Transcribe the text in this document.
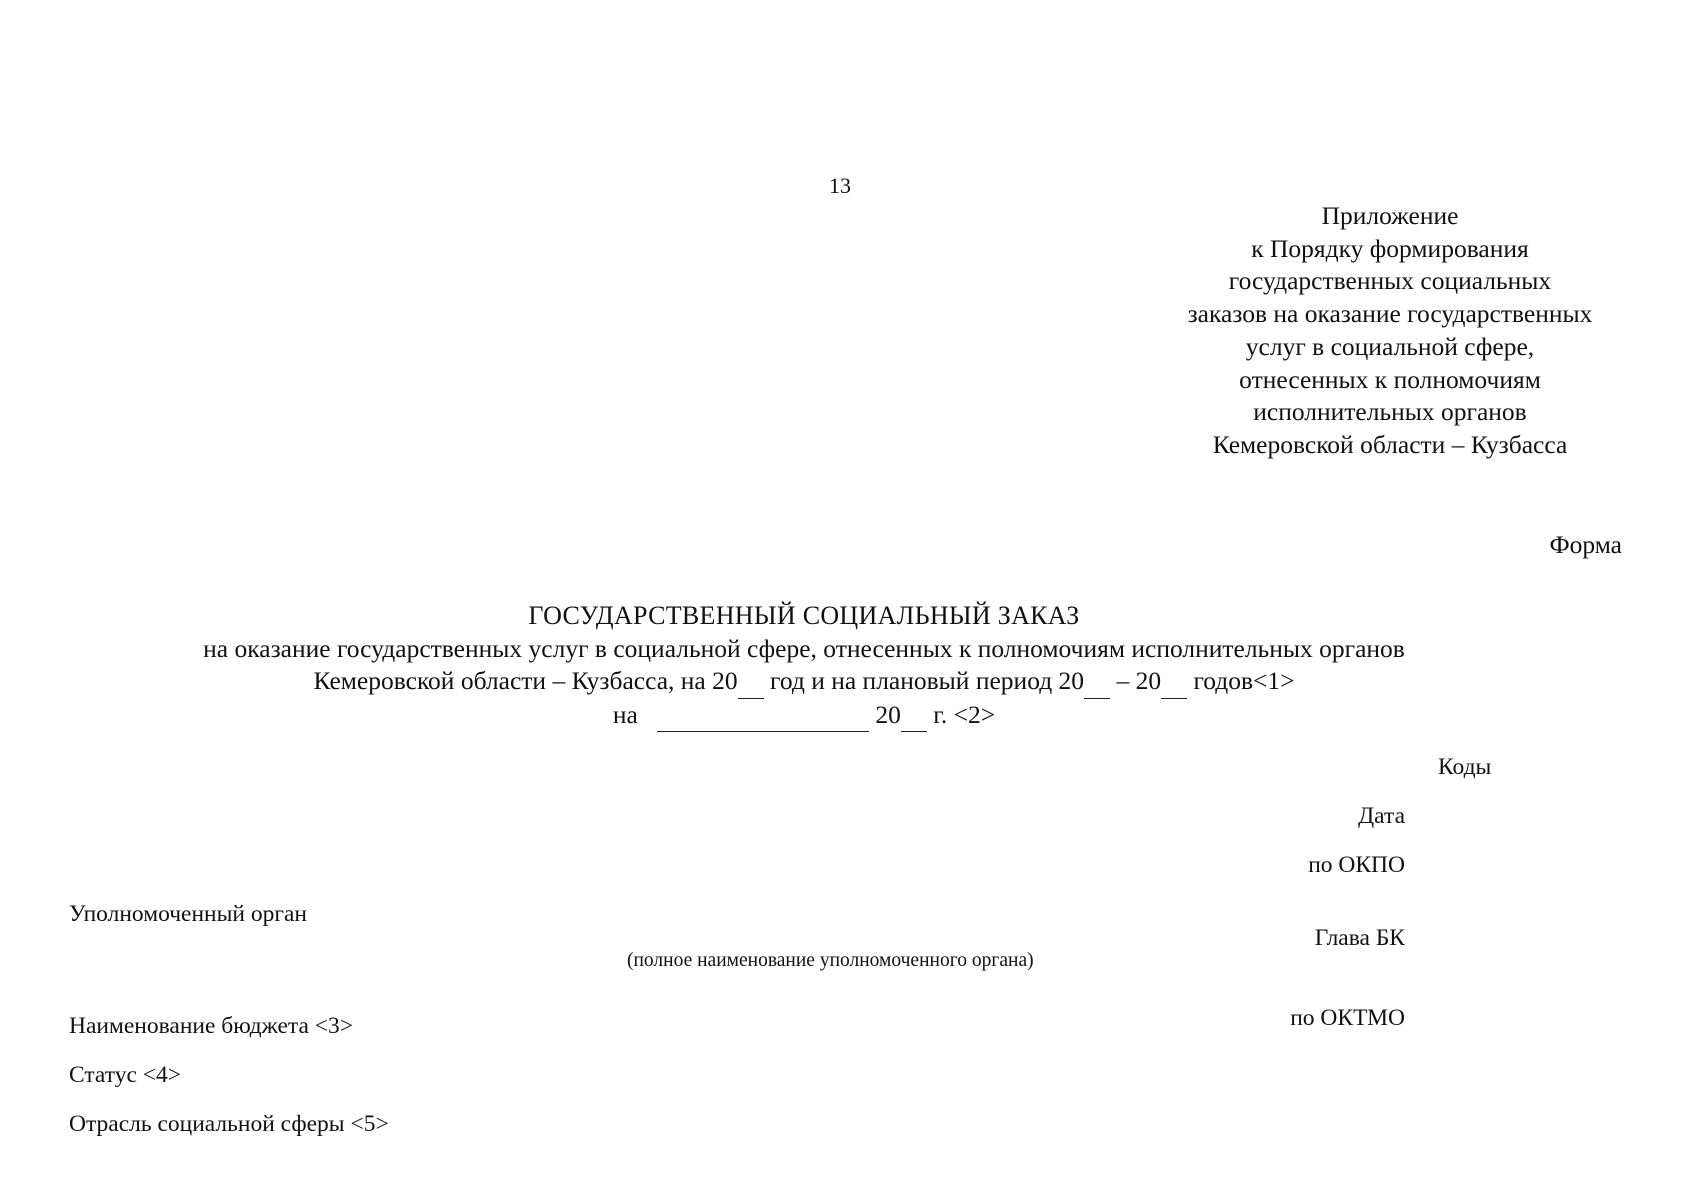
13
Приложение
к Порядку формирования
государственных социальных
заказов на оказание государственных
услуг в социальной сфере,
отнесенных к полномочиям
исполнительных органов
Кемеровской области – Кузбасса
Форма
ГОСУДАРСТВЕННЫЙ СОЦИАЛЬНЫЙ ЗАКАЗ
на оказание государственных услуг в социальной сфере, отнесенных к полномочиям исполнительных органов
Кемеровской области – Кузбасса, на 20  год и на плановый период 20  – 20  годов<1>
на	20  г. <2>
Коды
Дата
по ОКПО
Глава БК
по ОКТМО
Уполномоченный орган
(полное наименование уполномоченного органа)
Наименование бюджета <3>
Статус <4>
Отрасль социальной сферы <5>
